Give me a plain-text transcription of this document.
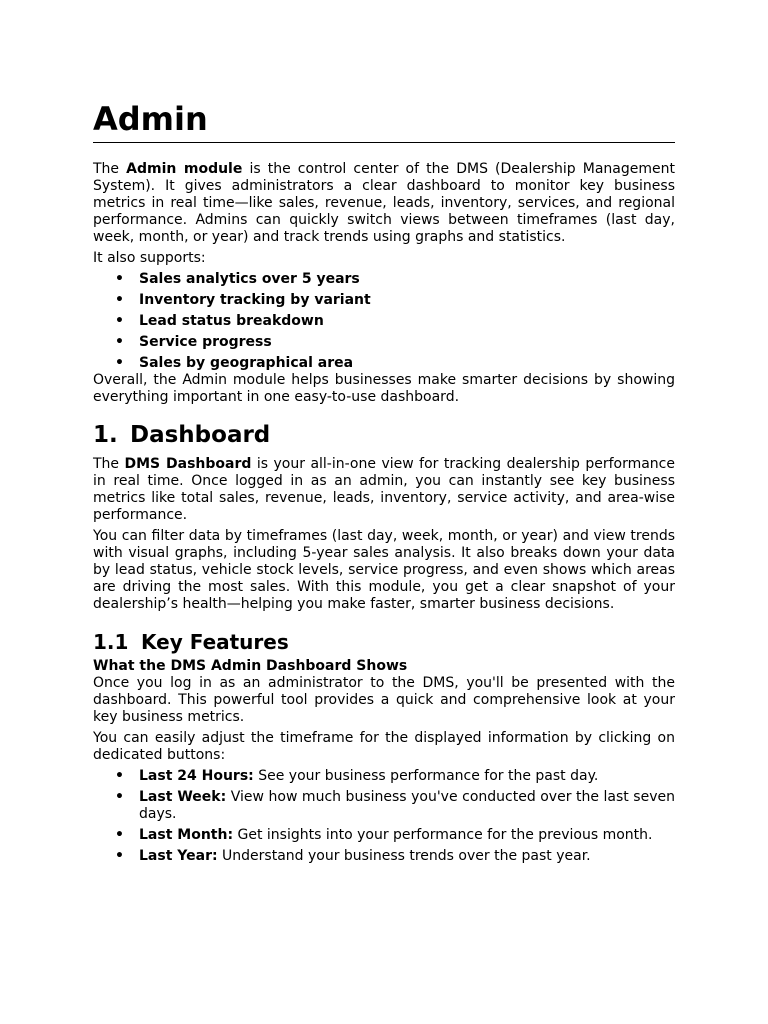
Admin

The Admin module is the control center of the DMS (Dealership Management System). It gives administrators a clear dashboard to monitor key business metrics in real time—like sales, revenue, leads, inventory, services, and regional performance. Admins can quickly switch views between timeframes (last day, week, month, or year) and track trends using graphs and statistics.

It also supports:

• Sales analytics over 5 years
• Inventory tracking by variant
• Lead status breakdown
• Service progress
• Sales by geographical area

Overall, the Admin module helps businesses make smarter decisions by showing everything important in one easy-to-use dashboard.

1. Dashboard

The DMS Dashboard is your all-in-one view for tracking dealership performance in real time. Once logged in as an admin, you can instantly see key business metrics like total sales, revenue, leads, inventory, service activity, and area-wise performance.

You can filter data by timeframes (last day, week, month, or year) and view trends with visual graphs, including 5-year sales analysis. It also breaks down your data by lead status, vehicle stock levels, service progress, and even shows which areas are driving the most sales. With this module, you get a clear snapshot of your dealership’s health—helping you make faster, smarter business decisions.

1.1 Key Features
What the DMS Admin Dashboard Shows

Once you log in as an administrator to the DMS, you'll be presented with the dashboard. This powerful tool provides a quick and comprehensive look at your key business metrics.

You can easily adjust the timeframe for the displayed information by clicking on dedicated buttons:

• Last 24 Hours: See your business performance for the past day.
• Last Week: View how much business you've conducted over the last seven days.
• Last Month: Get insights into your performance for the previous month.
• Last Year: Understand your business trends over the past year.
